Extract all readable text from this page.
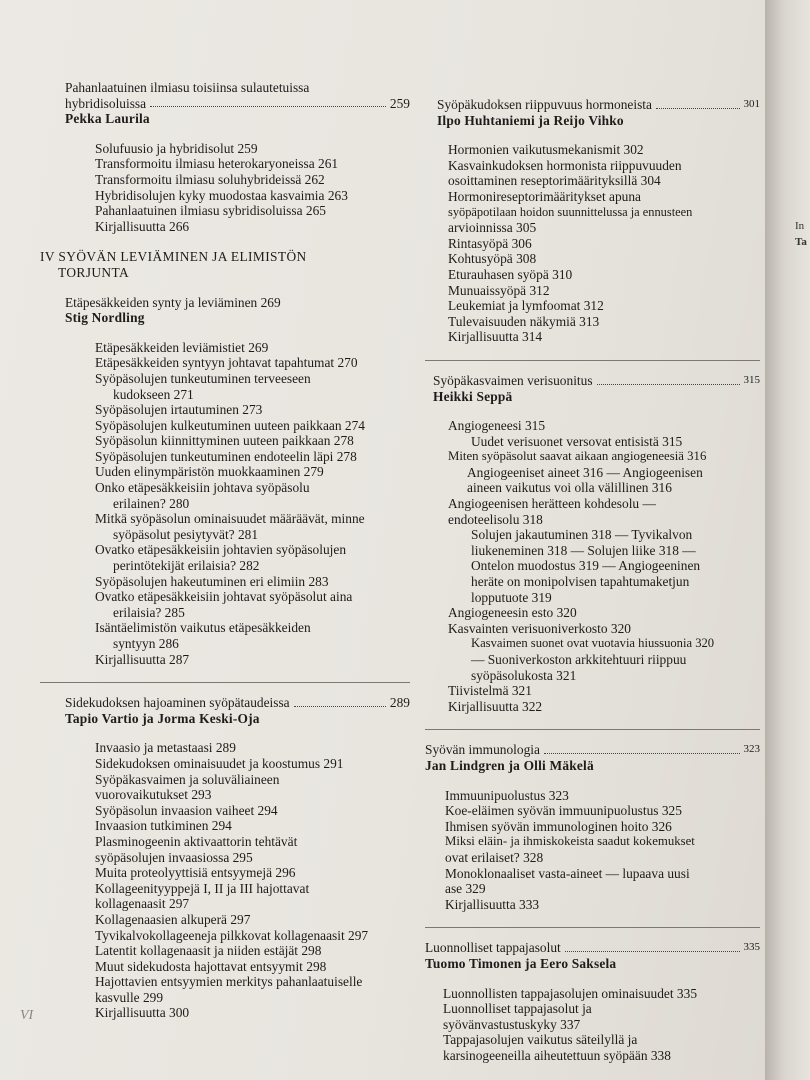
Pahanlaatuinen ilmiasu toisiinsa sulautetuissa
hybridisoluissa	259
Pekka Laurila
Solufuusio ja hybridisolut 259
Transformoitu ilmiasu heterokaryoneissa 261
Transformoitu ilmiasu soluhybrideissä 262
Hybridisolujen kyky muodostaa kasvaimia 263
Pahanlaatuinen ilmiasu sybridisoluissa 265
Kirjallisuutta 266
IV SYÖVÄN LEVIÄMINEN JA ELIMISTÖN
TORJUNTA
Etäpesäkkeiden synty ja leviäminen 269
Stig Nordling
Etäpesäkkeiden leviämistiet 269
Etäpesäkkeiden syntyyn johtavat tapahtumat 270
Syöpäsolujen tunkeutuminen terveeseen
kudokseen 271
Syöpäsolujen irtautuminen 273
Syöpäsolujen kulkeutuminen uuteen paikkaan 274
Syöpäsolun kiinnittyminen uuteen paikkaan 278
Syöpäsolujen tunkeutuminen endoteelin läpi 278
Uuden elinympäristön muokkaaminen 279
Onko etäpesäkkeisiin johtava syöpäsolu
erilainen? 280
Mitkä syöpäsolun ominaisuudet määräävät, minne
syöpäsolut pesiytyvät? 281
Ovatko etäpesäkkeisiin johtavien syöpäsolujen
perintötekijät erilaisia? 282
Syöpäsolujen hakeutuminen eri elimiin 283
Ovatko etäpesäkkeisiin johtavat syöpäsolut aina
erilaisia? 285
Isäntäelimistön vaikutus etäpesäkkeiden
syntyyn 286
Kirjallisuutta 287
Sidekudoksen hajoaminen syöpätaudeissa	289
Tapio Vartio ja Jorma Keski-Oja
Invaasio ja metastaasi 289
Sidekudoksen ominaisuudet ja koostumus 291
Syöpäkasvaimen ja soluväliaineen
vuorovaikutukset 293
Syöpäsolun invaasion vaiheet 294
Invaasion tutkiminen 294
Plasminogeenin aktivaattorin tehtävät
syöpäsolujen invaasiossa 295
Muita proteolyyttisiä entsyymejä 296
Kollageenityyppejä I, II ja III hajottavat
kollagenaasit 297
Kollagenaasien alkuperä 297
Tyvikalvokollageeneja pilkkovat kollagenaasit 297
Latentit kollagenaasit ja niiden estäjät 298
Muut sidekudosta hajottavat entsyymit 298
Hajottavien entsyymien merkitys pahanlaatuiselle
kasvulle 299
Kirjallisuutta 300
VI
Syöpäkudoksen riippuvuus hormoneista	301
Ilpo Huhtaniemi ja Reijo Vihko
Hormonien vaikutusmekanismit 302
Kasvainkudoksen hormonista riippuvuuden
osoittaminen reseptorimäärityksillä 304
Hormonireseptorimääritykset apuna
syöpäpotilaan hoidon suunnittelussa ja ennusteen
arvioinnissa 305
Rintasyöpä 306
Kohtusyöpä 308
Eturauhasen syöpä 310
Munuaissyöpä 312
Leukemiat ja lymfoomat 312
Tulevaisuuden näkymiä 313
Kirjallisuutta 314
Syöpäkasvaimen verisuonitus	315
Heikki Seppä
Angiogeneesi 315
Uudet verisuonet versovat entisistä 315
Miten syöpäsolut saavat aikaan angiogeneesiä 316
Angiogeeniset aineet 316 — Angiogeenisen
aineen vaikutus voi olla välillinen 316
Angiogeenisen herätteen kohdesolu —
endoteelisolu 318
Solujen jakautuminen 318 — Tyvikalvon
liukeneminen 318 — Solujen liike 318 —
Ontelon muodostus 319 — Angiogeeninen
heräte on monipolvisen tapahtumaketjun
lopputuote 319
Angiogeneesin esto 320
Kasvainten verisuoniverkosto 320
Kasvaimen suonet ovat vuotavia hiussuonia 320
— Suoniverkoston arkkitehtuuri riippuu
syöpäsolukosta 321
Tiivistelmä 321
Kirjallisuutta 322
Syövän immunologia	323
Jan Lindgren ja Olli Mäkelä
Immuunipuolustus 323
Koe-eläimen syövän immuunipuolustus 325
Ihmisen syövän immunologinen hoito 326
Miksi eläin- ja ihmiskokeista saadut kokemukset
ovat erilaiset? 328
Monoklonaaliset vasta-aineet — lupaava uusi
ase 329
Kirjallisuutta 333
Luonnolliset tappajasolut	335
Tuomo Timonen ja Eero Saksela
Luonnollisten tappajasolujen ominaisuudet 335
Luonnolliset tappajasolut ja
syövänvastustuskyky 337
Tappajasolujen vaikutus säteilyllä ja
karsinogeeneilla aiheutettuun syöpään 338
In
Ta
